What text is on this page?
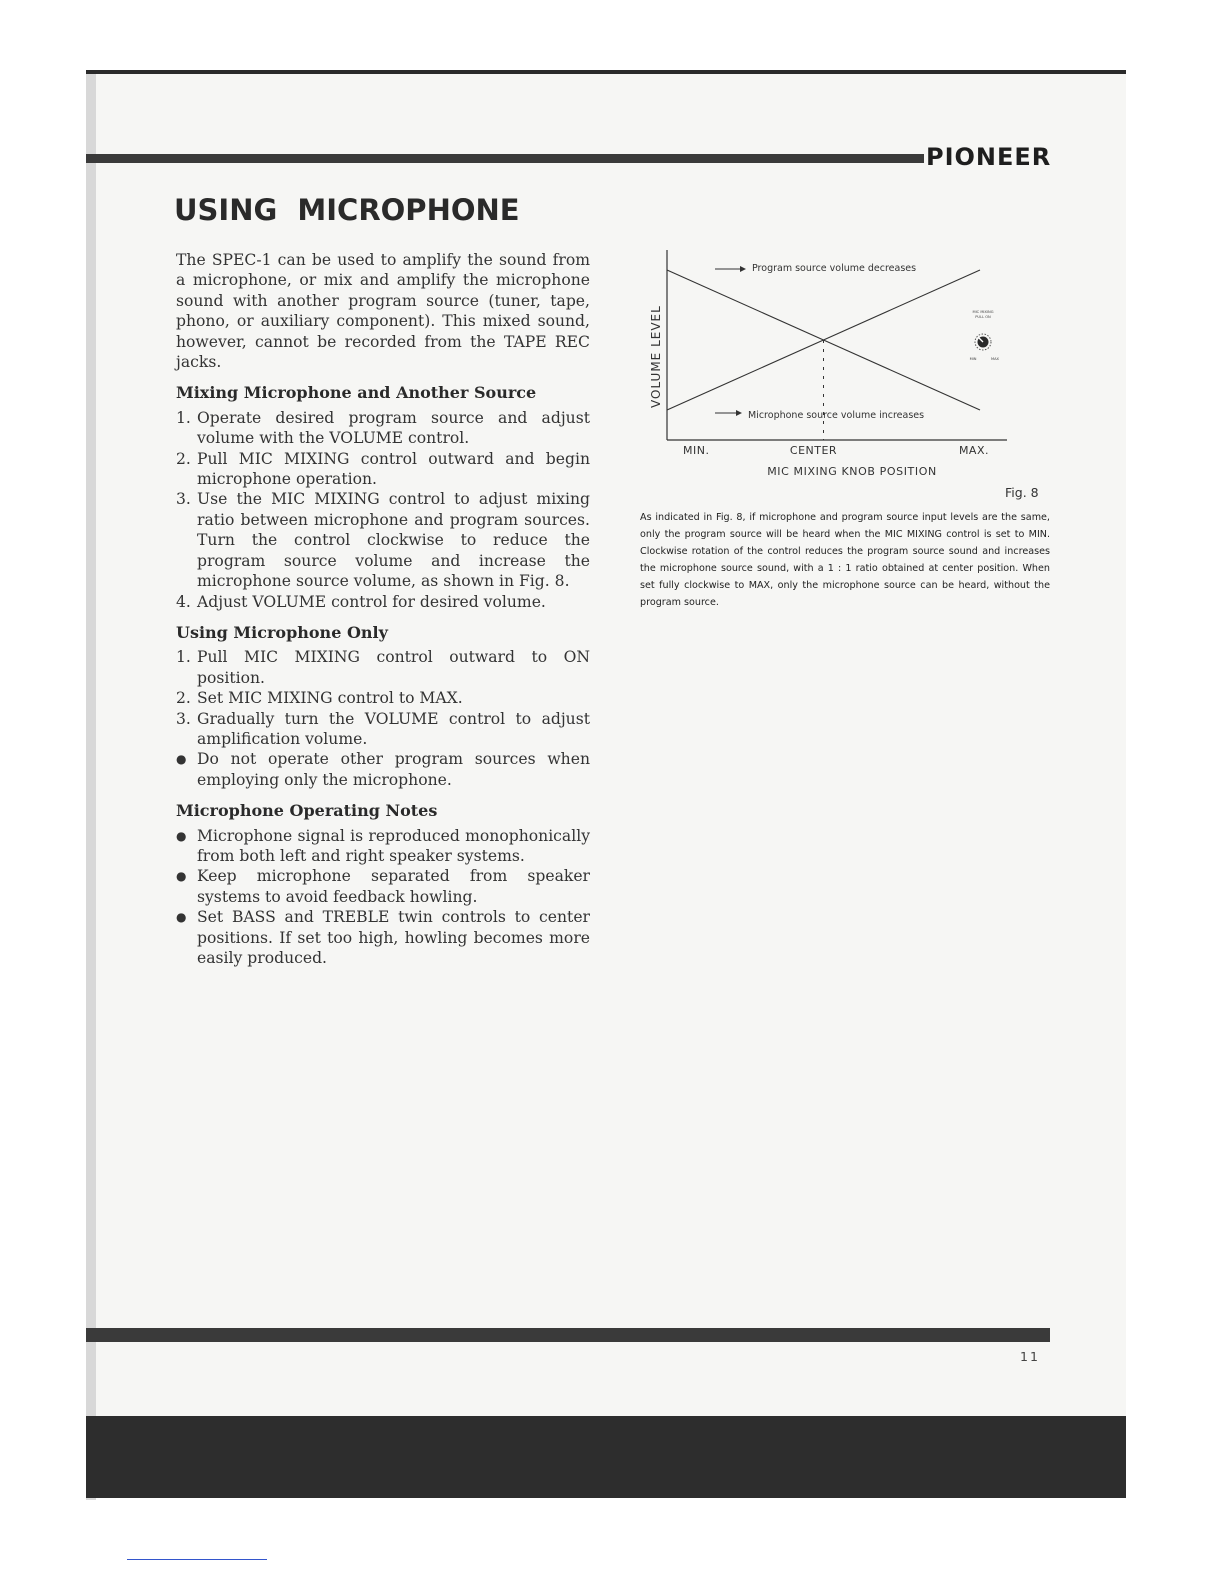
PIONEER
USING MICROPHONE

The SPEC-1 can be used to amplify the sound from a microphone, or mix and amplify the microphone sound with another program source (tuner, tape, phono, or auxiliary component). This mixed sound, however, cannot be recorded from the TAPE REC jacks.

Mixing Microphone and Another Source
1. Operate desired program source and adjust volume with the VOLUME control.
2. Pull MIC MIXING control outward and begin microphone operation.
3. Use the MIC MIXING control to adjust mixing ratio between microphone and program sources. Turn the control clockwise to reduce the program source volume and increase the microphone source volume, as shown in Fig. 8.
4. Adjust VOLUME control for desired volume.
Using Microphone Only
1. Pull MIC MIXING control outward to ON position.
2. Set MIC MIXING control to MAX.
3. Gradually turn the VOLUME control to adjust amplification volume.
● Do not operate other program sources when employing only the microphone.
Microphone Operating Notes
● Microphone signal is reproduced monophonically from both left and right speaker systems.
● Keep microphone separated from speaker systems to avoid feedback howling.
● Set BASS and TREBLE twin controls to center positions. If set too high, howling becomes more easily produced.
VOLUME LEVEL
Program source volume decreases
Microphone source volume increases
MIN.	CENTER	MAX.
MIC MIXING KNOB POSITION
MIC MIXING
PULL ON
MIN	MAX
Fig. 8

As indicated in Fig. 8, if microphone and program source input levels are the same, only the program source will be heard when the MIC MIXING control is set to MIN. Clockwise rotation of the control reduces the program source sound and increases the microphone source sound, with a 1 : 1 ratio obtained at center position. When set fully clockwise to MAX, only the microphone source can be heard, without the program source.

11
